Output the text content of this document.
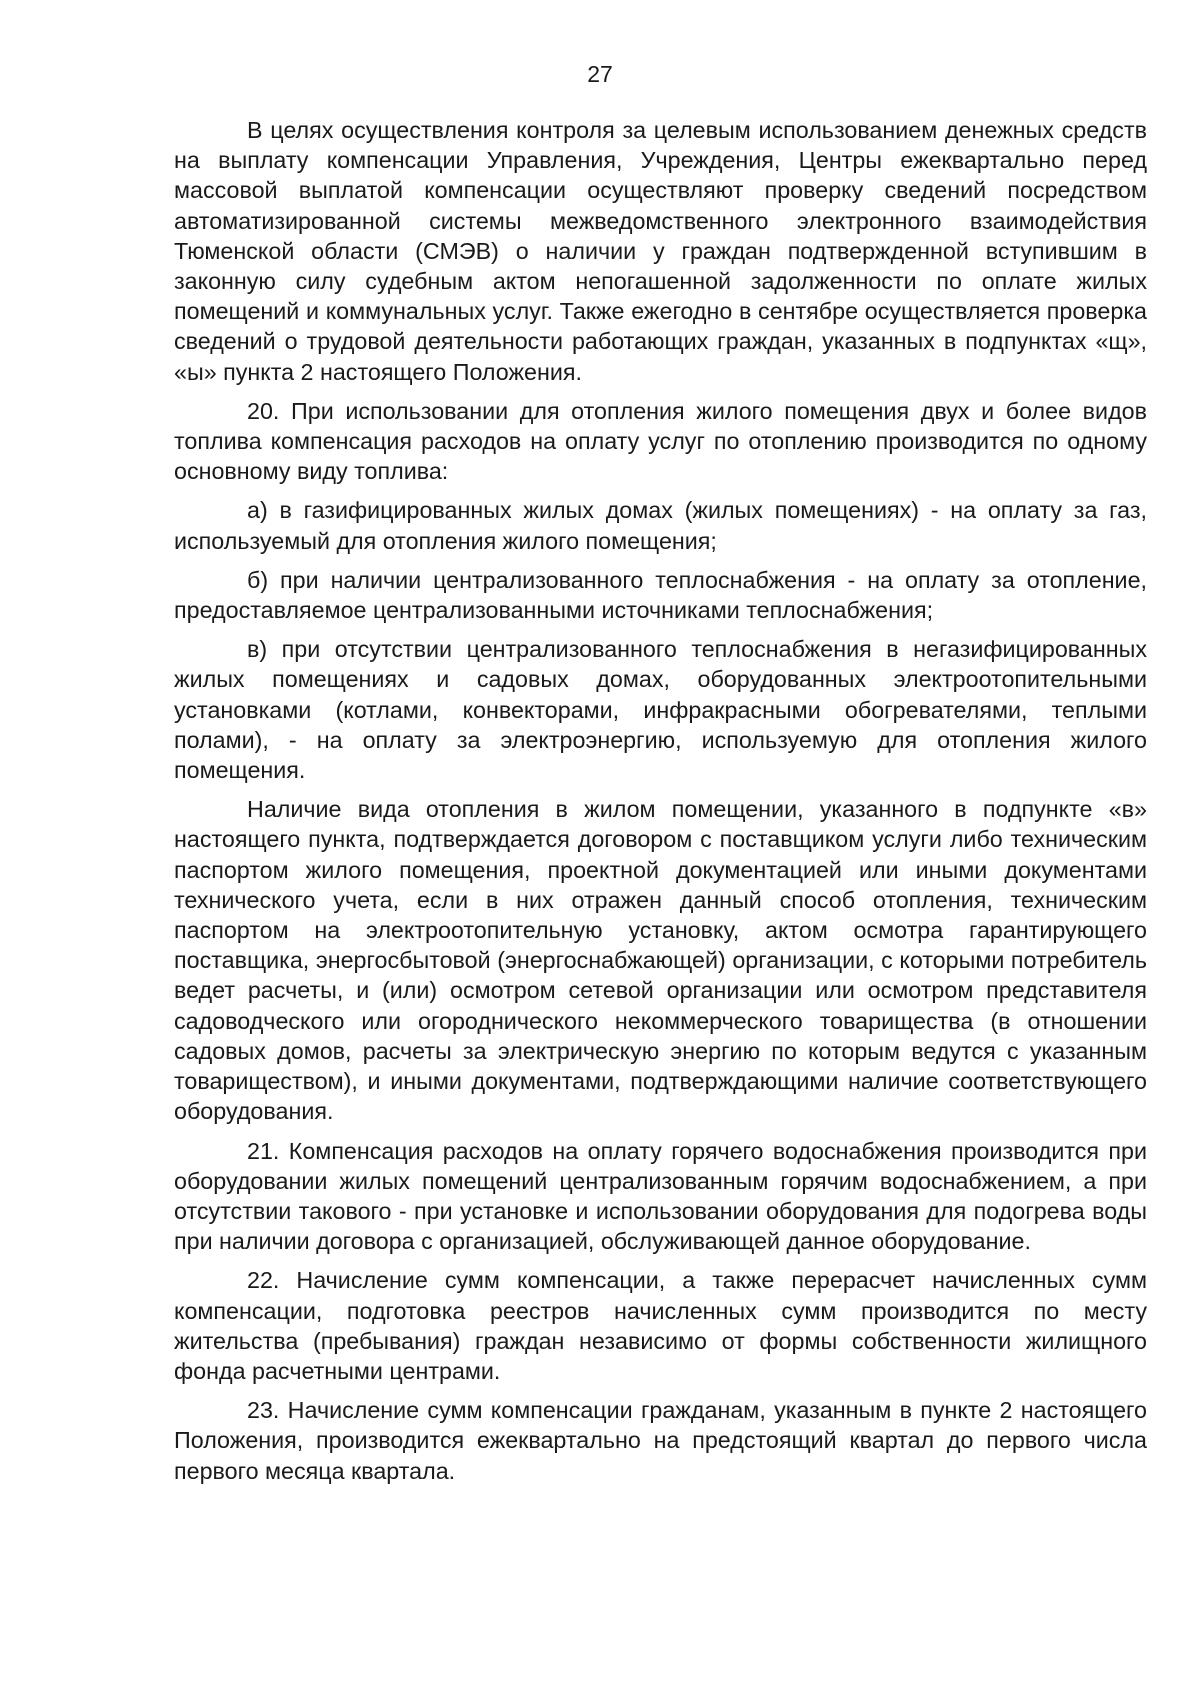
27

В целях осуществления контроля за целевым использованием денежных средств на выплату компенсации Управления, Учреждения, Центры ежеквартально перед массовой выплатой компенсации осуществляют проверку сведений посредством автоматизированной системы межведомственного электронного взаимодействия Тюменской области (СМЭВ) о наличии у граждан подтвержденной вступившим в законную силу судебным актом непогашенной задолженности по оплате жилых помещений и коммунальных услуг. Также ежегодно в сентябре осуществляется проверка сведений о трудовой деятельности работающих граждан, указанных в подпунктах «щ», «ы» пункта 2 настоящего Положения.

20. При использовании для отопления жилого помещения двух и более видов топлива компенсация расходов на оплату услуг по отоплению производится по одному основному виду топлива:

а) в газифицированных жилых домах (жилых помещениях) - на оплату за газ, используемый для отопления жилого помещения;

б) при наличии централизованного теплоснабжения - на оплату за отопление, предоставляемое централизованными источниками теплоснабжения;

в) при отсутствии централизованного теплоснабжения в негазифицированных жилых помещениях и садовых домах, оборудованных электроотопительными установками (котлами, конвекторами, инфракрасными обогревателями, теплыми полами), - на оплату за электроэнергию, используемую для отопления жилого помещения.

Наличие вида отопления в жилом помещении, указанного в подпункте «в» настоящего пункта, подтверждается договором с поставщиком услуги либо техническим паспортом жилого помещения, проектной документацией или иными документами технического учета, если в них отражен данный способ отопления, техническим паспортом на электроотопительную установку, актом осмотра гарантирующего поставщика, энергосбытовой (энергоснабжающей) организации, с которыми потребитель ведет расчеты, и (или) осмотром сетевой организации или осмотром представителя садоводческого или огороднического некоммерческого товарищества (в отношении садовых домов, расчеты за электрическую энергию по которым ведутся с указанным товариществом), и иными документами, подтверждающими наличие соответствующего оборудования.

21. Компенсация расходов на оплату горячего водоснабжения производится при оборудовании жилых помещений централизованным горячим водоснабжением, а при отсутствии такового - при установке и использовании оборудования для подогрева воды при наличии договора с организацией, обслуживающей данное оборудование.

22. Начисление сумм компенсации, а также перерасчет начисленных сумм компенсации, подготовка реестров начисленных сумм производится по месту жительства (пребывания) граждан независимо от формы собственности жилищного фонда расчетными центрами.

23. Начисление сумм компенсации гражданам, указанным в пункте 2 настоящего Положения, производится ежеквартально на предстоящий квартал до первого числа первого месяца квартала.
